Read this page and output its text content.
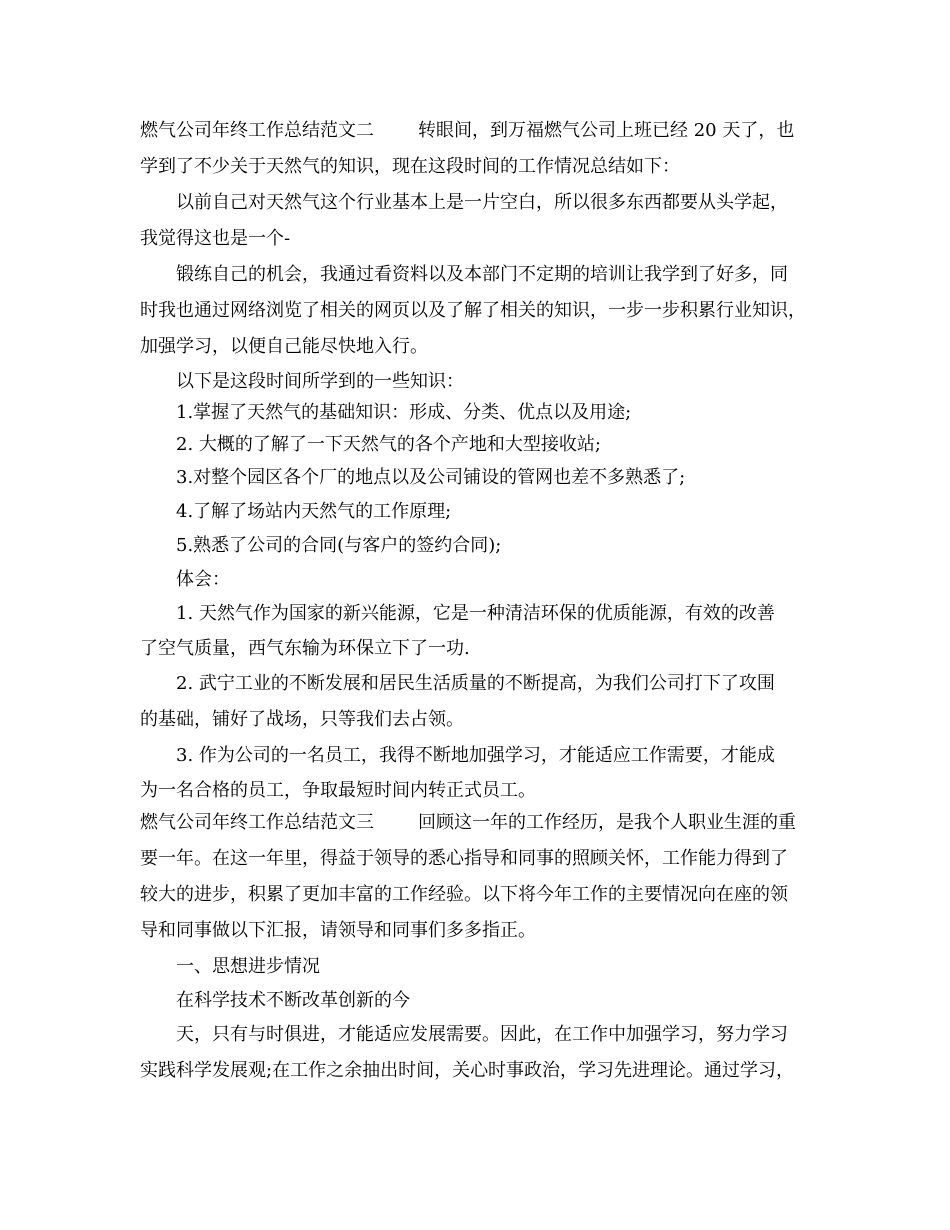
燃气公司年终工作总结范文二 转眼间，到万福燃气公司上班已经 20 天了，也
学到了不少关于天然气的知识，现在这段时间的工作情况总结如下：
以前自己对天然气这个行业基本上是一片空白，所以很多东西都要从头学起，
我觉得这也是一个-
锻练自己的机会，我通过看资料以及本部门不定期的培训让我学到了好多，同
时我也通过网络浏览了相关的网页以及了解了相关的知识，一步一步积累行业知识，
加强学习，以便自己能尽快地入行。
以下是这段时间所学到的一些知识：
1.掌握了天然气的基础知识：形成、分类、优点以及用途;
2. 大概的了解了一下天然气的各个产地和大型接收站;
3.对整个园区各个厂的地点以及公司铺设的管网也差不多熟悉了;
4.了解了场站内天然气的工作原理;
5.熟悉了公司的合同(与客户的签约合同);
体会：
1. 天然气作为国家的新兴能源，它是一种清洁环保的优质能源，有效的改善
了空气质量，西气东输为环保立下了一功.
2. 武宁工业的不断发展和居民生活质量的不断提高，为我们公司打下了攻围
的基础，铺好了战场，只等我们去占领。
3. 作为公司的一名员工，我得不断地加强学习，才能适应工作需要，才能成
为一名合格的员工，争取最短时间内转正式员工。
燃气公司年终工作总结范文三 回顾这一年的工作经历，是我个人职业生涯的重
要一年。在这一年里，得益于领导的悉心指导和同事的照顾关怀，工作能力得到了
较大的进步，积累了更加丰富的工作经验。以下将今年工作的主要情况向在座的领
导和同事做以下汇报，请领导和同事们多多指正。
一、思想进步情况
在科学技术不断改革创新的今
天，只有与时俱进，才能适应发展需要。因此，在工作中加强学习，努力学习
实践科学发展观;在工作之余抽出时间，关心时事政治，学习先进理论。通过学习，
